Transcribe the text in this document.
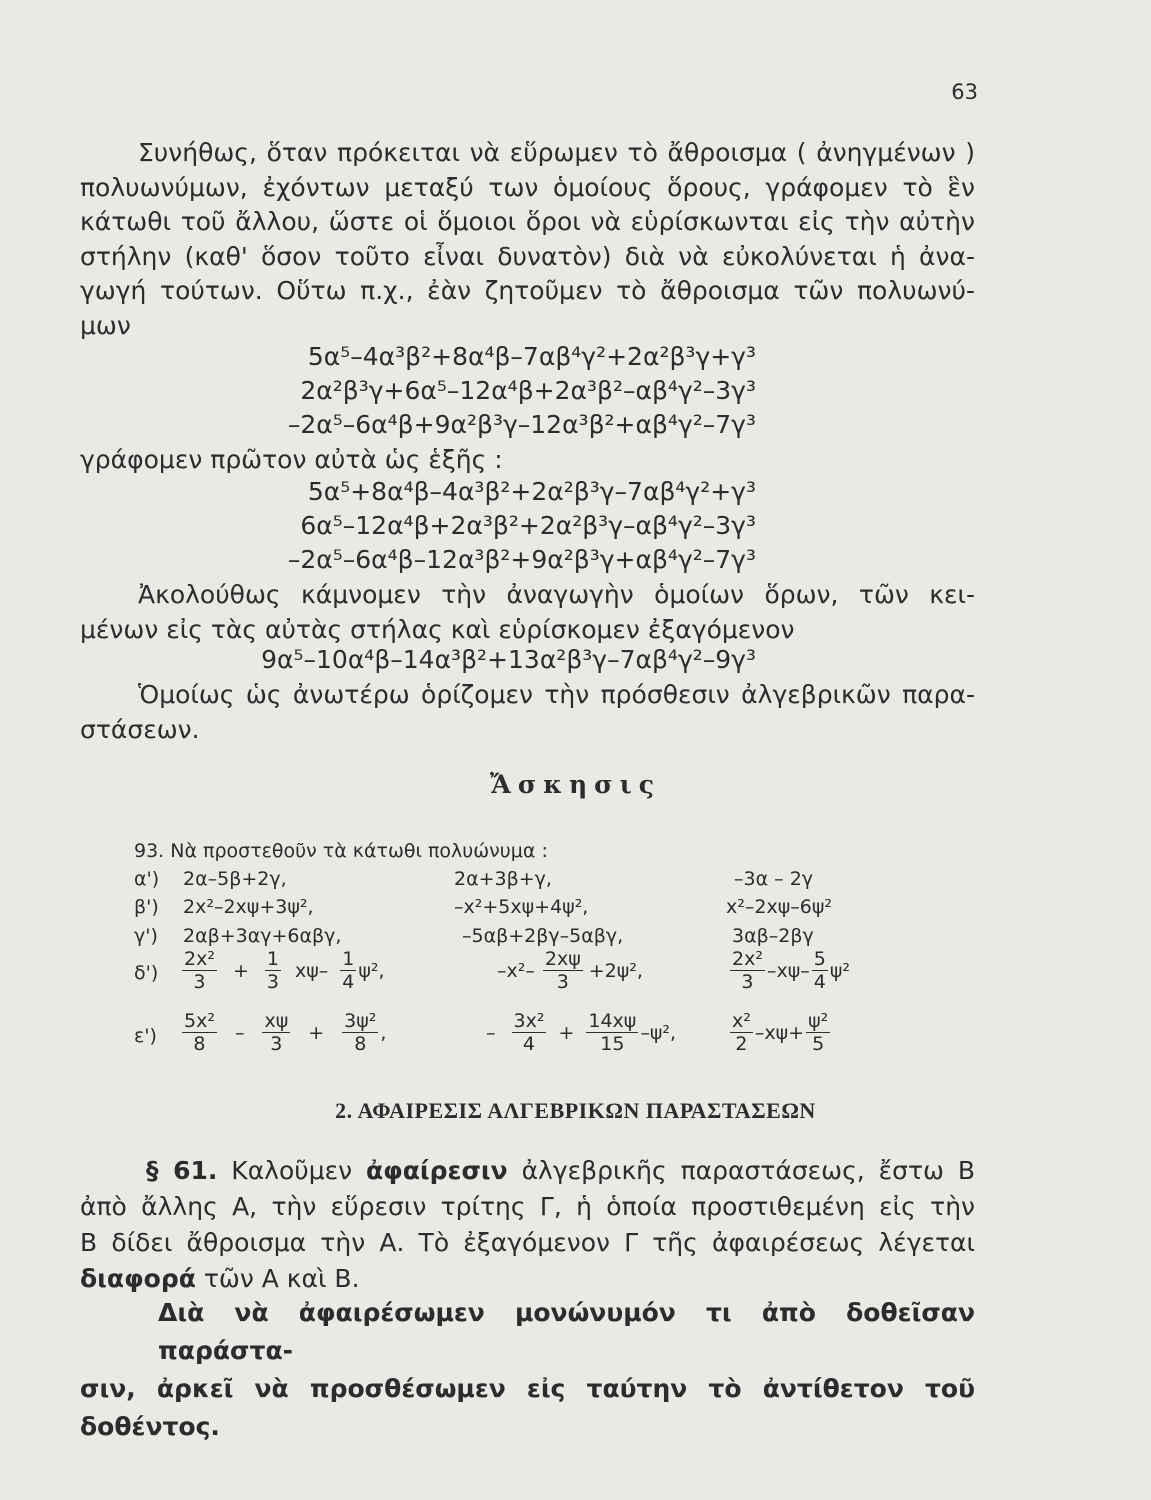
63
Συνήθως, ὅταν πρόκειται νὰ εὕρωμεν τὸ ἄθροισμα ( ἀνηγμένων )
πολυωνύμων, ἐχόντων μεταξύ των ὁμοίους ὅρους, γράφομεν τὸ ἓν
κάτωθι τοῦ ἄλλου, ὥστε οἱ ὅμοιοι ὅροι νὰ εὑρίσκωνται εἰς τὴν αὐτὴν
στήλην (καθ' ὅσον τοῦτο εἶναι δυνατὸν) διὰ νὰ εὐκολύνεται ἡ ἀνα-
γωγή τούτων. Οὕτω π.χ., ἐὰν ζητοῦμεν τὸ ἄθροισμα τῶν πολυωνύ-
μων
5α⁵–4α³β²+8α⁴β–7αβ⁴γ²+2α²β³γ+γ³
2α²β³γ+6α⁵–12α⁴β+2α³β²–αβ⁴γ²–3γ³
–2α⁵–6α⁴β+9α²β³γ–12α³β²+αβ⁴γ²–7γ³
γράφομεν πρῶτον αὐτὰ ὡς ἑξῆς :
5α⁵+8α⁴β–4α³β²+2α²β³γ–7αβ⁴γ²+γ³
6α⁵–12α⁴β+2α³β²+2α²β³γ–αβ⁴γ²–3γ³
–2α⁵–6α⁴β–12α³β²+9α²β³γ+αβ⁴γ²–7γ³
Ἀκολούθως κάμνομεν τὴν ἀναγωγὴν ὁμοίων ὅρων, τῶν κει-
μένων εἰς τὰς αὐτὰς στήλας καὶ εὑρίσκομεν ἐξαγόμενον
9α⁵–10α⁴β–14α³β²+13α²β³γ–7αβ⁴γ²–9γ³
Ὁμοίως ὡς ἀνωτέρω ὁρίζομεν τὴν πρόσθεσιν ἀλγεβρικῶν παρα-
στάσεων.
Ἄσκησις
93. Νὰ προστεθοῦν τὰ κάτωθι πολυώνυμα :
α') 2α–5β+2γ,	2α+3β+γ,	–3α – 2γ
β') 2x²–2xψ+3ψ²,	–x²+5xψ+4ψ²,	x²–2xψ–6ψ²
γ') 2αβ+3αγ+6αβγ,	–5αβ+2βγ–5αβγ,	3αβ–2βγ
$\delta') \frac{\text{2x²}}{3} + \frac{1}{3} x\psi- \frac{1}{4} \psi^2$,	$-x^2- \frac{2x\psi}{3} +2\psi^2$,	$\frac{\text{2x²}}{3} -x\psi- \frac{5}{4} \psi^2$
$\varepsilon') \frac{\text{5x²}}{8} - \frac{x\psi}{3} + \frac{\text{3ψ²}}{8}$ ,	– $\frac{\text{3x²}}{4} + \frac{14x\psi}{15} -\psi^2$,	$\frac{\text{x²}}{2} -x\psi+ \frac{\text{ψ²}}{5}$
2. ΑΦΑΙΡΕΣΙΣ ΑΛΓΕΒΡΙΚΩΝ ΠΑΡΑΣΤΑΣΕΩΝ
§ 61. Καλοῦμεν ἀφαίρεσιν ἀλγεβρικῆς παραστάσεως, ἔστω Β
ἀπὸ ἄλλης Α, τὴν εὕρεσιν τρίτης Γ, ἡ ὁποία προστιθεμένη εἰς τὴν
Β δίδει ἄθροισμα τὴν Α. Τὸ ἐξαγόμενον Γ τῆς ἀφαιρέσεως λέγεται
διαφορά τῶν Α καὶ Β.
Διὰ νὰ ἀφαιρέσωμεν μονώνυμόν τι ἀπὸ δοθεῖσαν παράστα-
σιν, ἀρκεῖ νὰ προσθέσωμεν εἰς ταύτην τὸ ἀντίθετον τοῦ δοθέντος.
